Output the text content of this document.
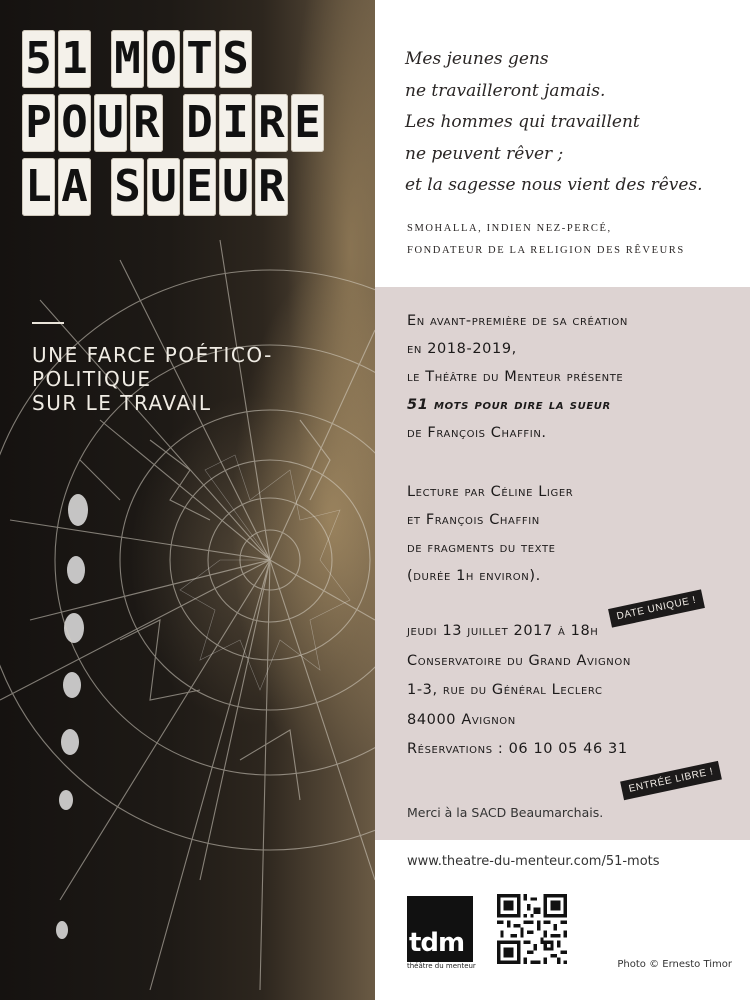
5 1 M O T S
P O U R D I R E
L A S U E U R
UNE FARCE POÉTICO-
POLITIQUE
SUR LE TRAVAIL
Mes jeunes gens
ne travailleront jamais.
Les hommes qui travaillent
ne peuvent rêver ;
et la sagesse nous vient des rêves.
SMOHALLA, INDIEN NEZ-PERCÉ,
FONDATEUR DE LA RELIGION DES RÊVEURS
En avant-première de sa création
en 2018-2019,
le Théâtre du Menteur présente
51 mots pour dire la sueur
de François Chaffin.
Lecture par Céline Liger
et François Chaffin
de fragments du texte
(durée 1h environ).
jeudi 13 juillet 2017 à 18h
Conservatoire du Grand Avignon
1-3, rue du Général Leclerc
84000 Avignon
Réservations : 06 10 05 46 31
DATE UNIQUE !
ENTRÉE LIBRE !
Merci à la SACD Beaumarchais.
www.theatre-du-menteur.com/51-mots
tdm
théâtre du menteur	Photo © Ernesto Timor
